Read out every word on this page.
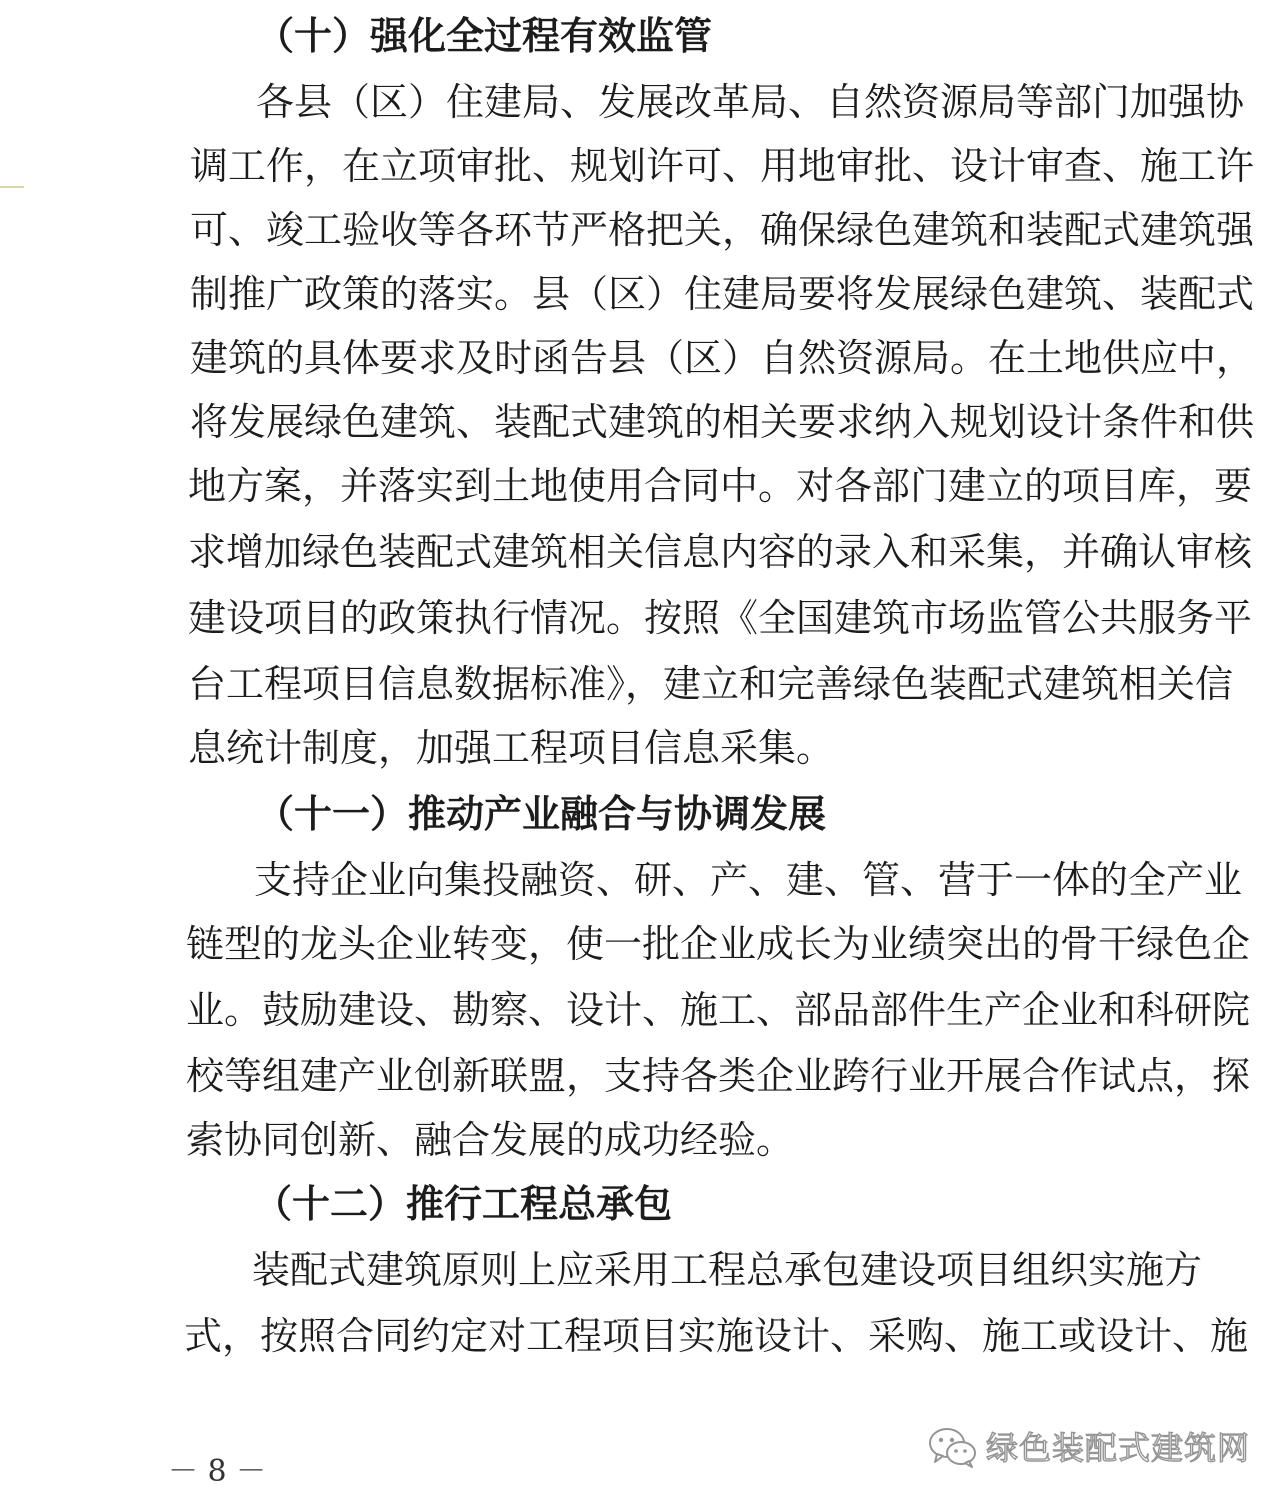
（十）强化全过程有效监管
各县（区）住建局、发展改革局、自然资源局等部门加强协
调工作，在立项审批、规划许可、用地审批、设计审查、施工许
可、竣工验收等各环节严格把关，确保绿色建筑和装配式建筑强
制推广政策的落实。县（区）住建局要将发展绿色建筑、装配式
建筑的具体要求及时函告县（区）自然资源局。在土地供应中，
将发展绿色建筑、装配式建筑的相关要求纳入规划设计条件和供
地方案，并落实到土地使用合同中。对各部门建立的项目库，要
求增加绿色装配式建筑相关信息内容的录入和采集，并确认审核
建设项目的政策执行情况。按照《全国建筑市场监管公共服务平
台工程项目信息数据标准》，建立和完善绿色装配式建筑相关信
息统计制度，加强工程项目信息采集。
（十一）推动产业融合与协调发展
支持企业向集投融资、研、产、建、管、营于一体的全产业
链型的龙头企业转变，使一批企业成长为业绩突出的骨干绿色企
业。鼓励建设、勘察、设计、施工、部品部件生产企业和科研院
校等组建产业创新联盟，支持各类企业跨行业开展合作试点，探
索协同创新、融合发展的成功经验。
（十二）推行工程总承包
装配式建筑原则上应采用工程总承包建设项目组织实施方
式，按照合同约定对工程项目实施设计、采购、施工或设计、施
－ 8 －
绿色装配式建筑网
